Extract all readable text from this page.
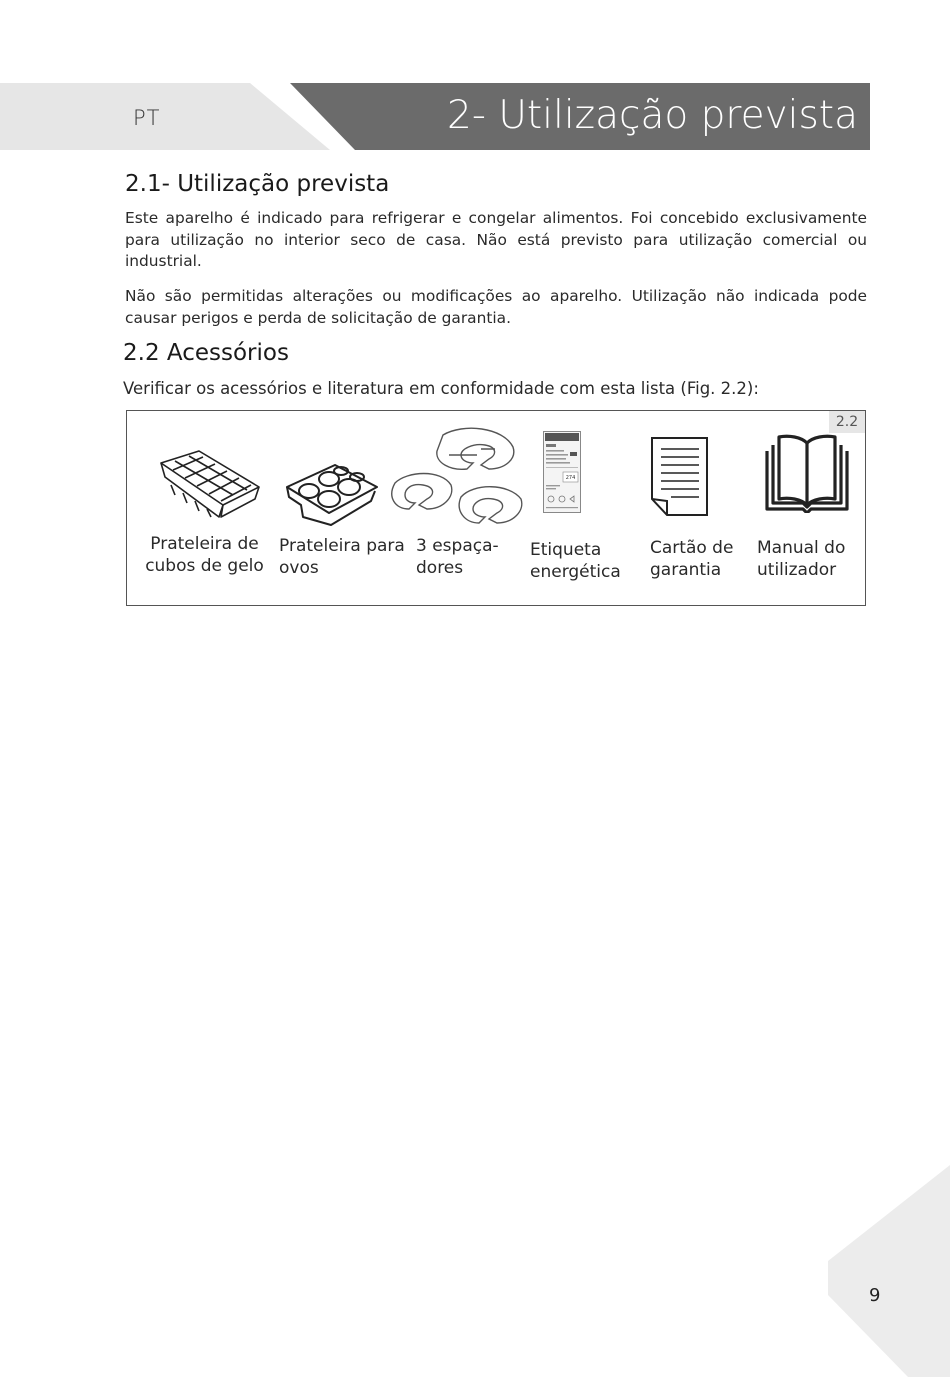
PT	2- Utilização prevista
2.1- Utilização prevista

Este aparelho é indicado para refrigerar e congelar alimentos. Foi concebido exclusivamente para utilização no interior seco de casa. Não está previsto para utilização comercial ou industrial.

Não são permitidas alterações ou modificações ao aparelho. Utilização não indicada pode causar perigos e perda de solicitação de garantia.

2.2 Acessórios

Verificar os acessórios e literatura em conformidade com esta lista (Fig. 2.2):

2.2
274
Prateleira de
cubos de gelo
Prateleira para
ovos
3 espaça-
dores
Etiqueta
energética
Cartão de
garantia
Manual do
utilizador
9
